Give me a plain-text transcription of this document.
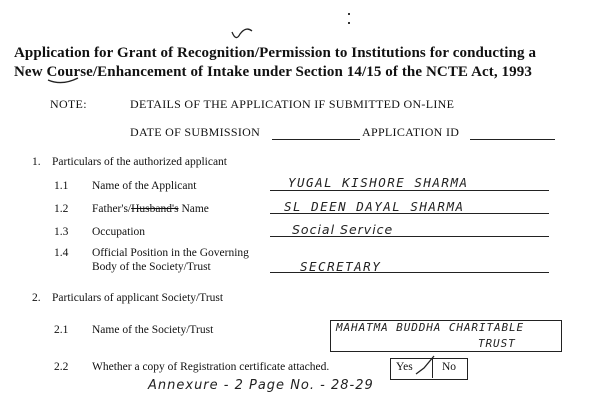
Application for Grant of Recognition/Permission to Institutions for conducting a
New Course/Enhancement of Intake under Section 14/15 of the NCTE Act, 1993
NOTE:	DETAILS OF THE APPLICATION IF SUBMITTED ON-LINE
DATE OF SUBMISSION	APPLICATION ID
1. Particulars of the authorized applicant
1.1 Name of the Applicant	YUGAL KISHORE SHARMA
1.2 Father's/Husband's Name	SL DEEN DAYAL SHARMA
1.3 Occupation	Social Service
1.4 Official Position in the Governing
Body of the Society/Trust	SECRETARY
2. Particulars of applicant Society/Trust
2.1 Name of the Society/Trust	MAHATMA BUDDHA CHARITABLE
TRUST
2.2 Whether a copy of Registration certificate attached.	Yes	No
Annexure - 2 Page No. - 28-29
